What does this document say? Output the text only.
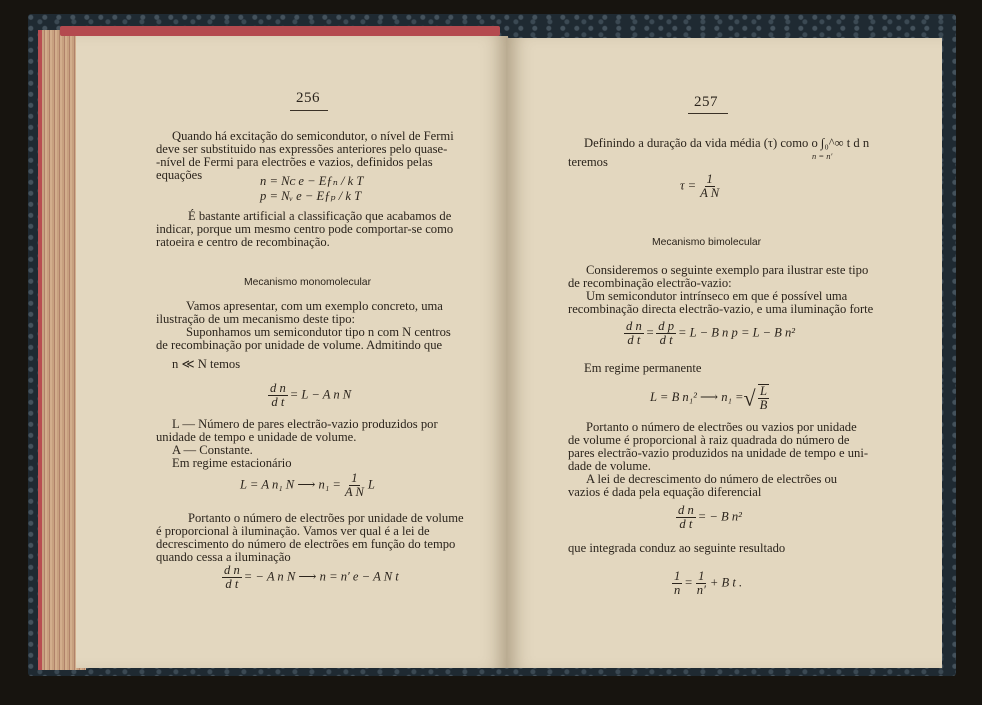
256
Quando há excitação do semicondutor, o nível de Fermi
deve ser substituido nas expressões anteriores pelo quase-
-nível de Fermi para electrões e vazios, definidos pelas
equações	n = Nᴄ e − Eƒₙ / k T
p = Nᵥ e − Eƒₚ / k T
É bastante artificial a classificação que acabamos de
indicar, porque um mesmo centro pode comportar-se como
ratoeira e centro de recombinação.
Mecanismo monomolecular
Vamos apresentar, com um exemplo concreto, uma
ilustração de um mecanismo deste tipo:
Suponhamos um semicondutor tipo n com N centros
de recombinação por unidade de volume. Admitindo que
n ≪ N temos
$\frac{\text{d n}}{\text{d t}} = L - A$ n N
L — Número de pares electrão-vazio produzidos por
unidade de tempo e unidade de volume.
A — Constante.
Em regime estacionário
L = A n₁ N ⟶ $n_1 = \frac{1}{\text{A N}}$ L
Portanto o número de electrões por unidade de volume
é proporcional à iluminação. Vamos ver qual é a lei de
decrescimento do número de electrões em função do tempo
quando cessa a iluminação
$\frac{\text{d n}}{\text{d t}}$ = − A n N ⟶ n = n′ e − A N t
257
Definindo a duração da vida média (τ) como o ∫₀^∞ t d n
n = n′
teremos
$\tau = \frac{1}{\text{A N}}$
Mecanismo bimolecular
Consideremos o seguinte exemplo para ilustrar este tipo
de recombinação electrão-vazio:
Um semicondutor intrínseco em que é possível uma
recombinação directa electrão-vazio, e uma iluminação forte
$\frac{\text{d n}}{\text{d t}} = \frac{\text{d p}}{\text{d t}} = L - B$ n p = L − B n²
Em regime permanente
L = B n₁² ⟶ n₁ =√ $\frac{L}{B}$
Portanto o número de electrões ou vazios por unidade
de volume é proporcional à raiz quadrada do número de
pares electrão-vazio produzidos na unidade de tempo e uni-
dade de volume.
A lei de decrescimento do número de electrões ou
vazios é dada pela equação diferencial
$\frac{\text{d n}}{\text{d t}}$ = − B n²
que integrada conduz ao seguinte resultado
$\frac{1}{n} = \frac{1}{n'} + B$ t .
